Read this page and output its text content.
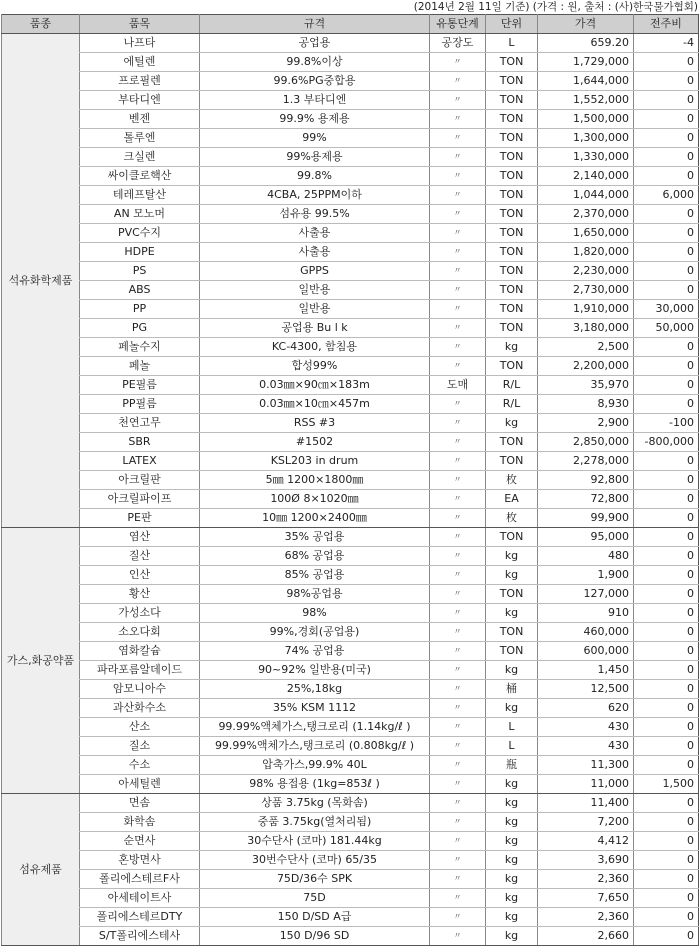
(2014년 2월 11일 기준) (가격 : 원, 출처 : (사)한국물가협회)
품종	품목	규격	유통단계	단위	가격	전주비
석유화학제품	나프타	공업용	공장도	L	659.20	-4
	에틸렌	99.8%이상	〃	TON	1,729,000	0
	프로필렌	99.6%PG중합용	〃	TON	1,644,000	0
	부타디엔	1.3 부타디엔	〃	TON	1,552,000	0
	벤젠	99.9% 용제용	〃	TON	1,500,000	0
	톨루엔	99%	〃	TON	1,300,000	0
	크실렌	99%용제용	〃	TON	1,330,000	0
	싸이클로핵산	99.8%	〃	TON	2,140,000	0
	테레프탈산	4CBA, 25PPM이하	〃	TON	1,044,000	6,000
	AN 모노머	섬유용 99.5%	〃	TON	2,370,000	0
	PVC수지	사출용	〃	TON	1,650,000	0
	HDPE	사출용	〃	TON	1,820,000	0
	PS	GPPS	〃	TON	2,230,000	0
	ABS	일반용	〃	TON	2,730,000	0
	PP	일반용	〃	TON	1,910,000	30,000
	PG	공업용 Bu l k	〃	TON	3,180,000	50,000
	페놀수지	KC-4300, 함침용	〃	kg	2,500	0
	페놀	합성99%	〃	TON	2,200,000	0
	PE필름	0.03㎜×90㎝×183m	도매	R/L	35,970	0
	PP필름	0.03㎜×10㎝×457m	〃	R/L	8,930	0
	천연고무	RSS #3	〃	kg	2,900	-100
	SBR	#1502	〃	TON	2,850,000	-800,000
	LATEX	KSL203 in drum	〃	TON	2,278,000	0
	아크릴판	5㎜ 1200×1800㎜	〃	枚	92,800	0
	아크릴파이프	100Ø 8×1020㎜	〃	EA	72,800	0
	PE판	10㎜ 1200×2400㎜	〃	枚	99,900	0
가스,화공약품	염산	35% 공업용	〃	TON	95,000	0
	질산	68% 공업용	〃	kg	480	0
	인산	85% 공업용	〃	kg	1,900	0
	황산	98%공업용	〃	TON	127,000	0
	가성소다	98%	〃	kg	910	0
	소오다회	99%,경회(공업용)	〃	TON	460,000	0
	염화칼슘	74% 공업용	〃	TON	600,000	0
	파라포름알데이드	90~92% 일반용(미국)	〃	kg	1,450	0
	암모니아수	25%,18kg	〃	桶	12,500	0
	과산화수소	35% KSM 1112	〃	kg	620	0
	산소	99.99%액체가스,탱크로리 (1.14kg/ℓ )	〃	L	430	0
	질소	99.99%액체가스,탱크로리 (0.808kg/ℓ )	〃	L	430	0
	수소	압축가스,99.9% 40L	〃	瓶	11,300	0
	아세틸렌	98% 용접용 (1kg=853ℓ )	〃	kg	11,000	1,500
섬유제품	면솜	상품 3.75kg (목화솜)	〃	kg	11,400	0
	화학솜	중품 3.75kg(열처리됨)	〃	kg	7,200	0
	순면사	30수단사 (코마) 181.44kg	〃	kg	4,412	0
	혼방면사	30번수단사 (코마) 65/35	〃	kg	3,690	0
	폴리에스테르F사	75D/36수 SPK	〃	kg	2,360	0
	아세테이트사	75D	〃	kg	7,650	0
	폴리에스테르DTY	150 D/SD A급	〃	kg	2,360	0
	S/T폴리에스테사	150 D/96 SD	〃	kg	2,660	0
